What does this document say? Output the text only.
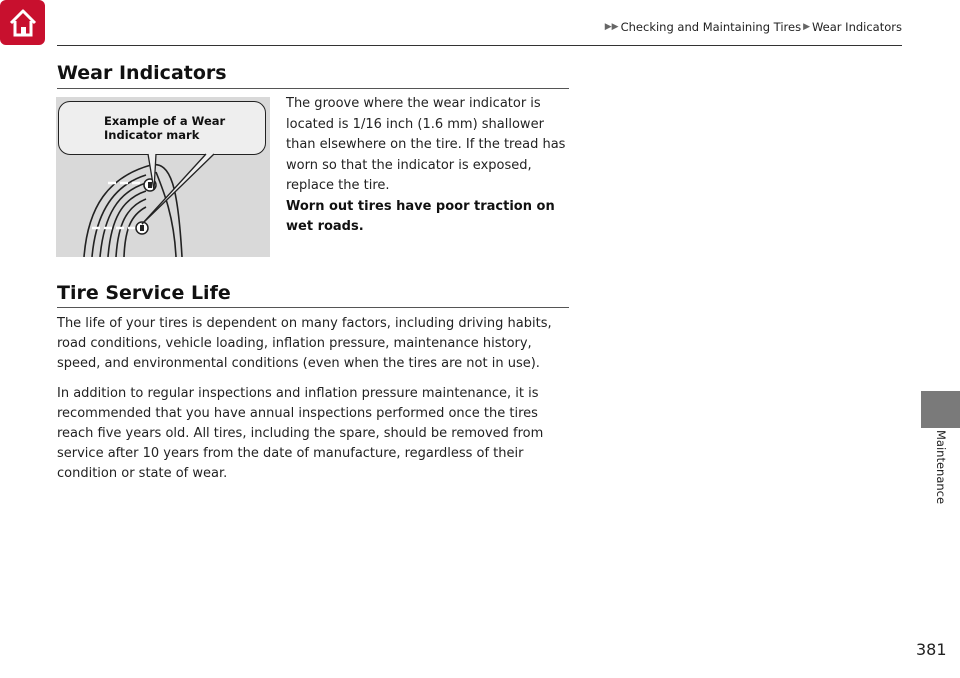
▶▶ Checking and Maintaining Tires ▶ Wear Indicators
Wear Indicators
Example of a Wear
Indicator mark
The groove where the wear indicator is located is 1/16 inch (1.6 mm) shallower than elsewhere on the tire. If the tread has worn so that the indicator is exposed, replace the tire.
Worn out tires have poor traction on wet roads.
Tire Service Life

The life of your tires is dependent on many factors, including driving habits, road conditions, vehicle loading, inflation pressure, maintenance history, speed, and environmental conditions (even when the tires are not in use).

In addition to regular inspections and inflation pressure maintenance, it is recommended that you have annual inspections performed once the tires reach five years old. All tires, including the spare, should be removed from service after 10 years from the date of manufacture, regardless of their condition or state of wear.	Maintenance
381
